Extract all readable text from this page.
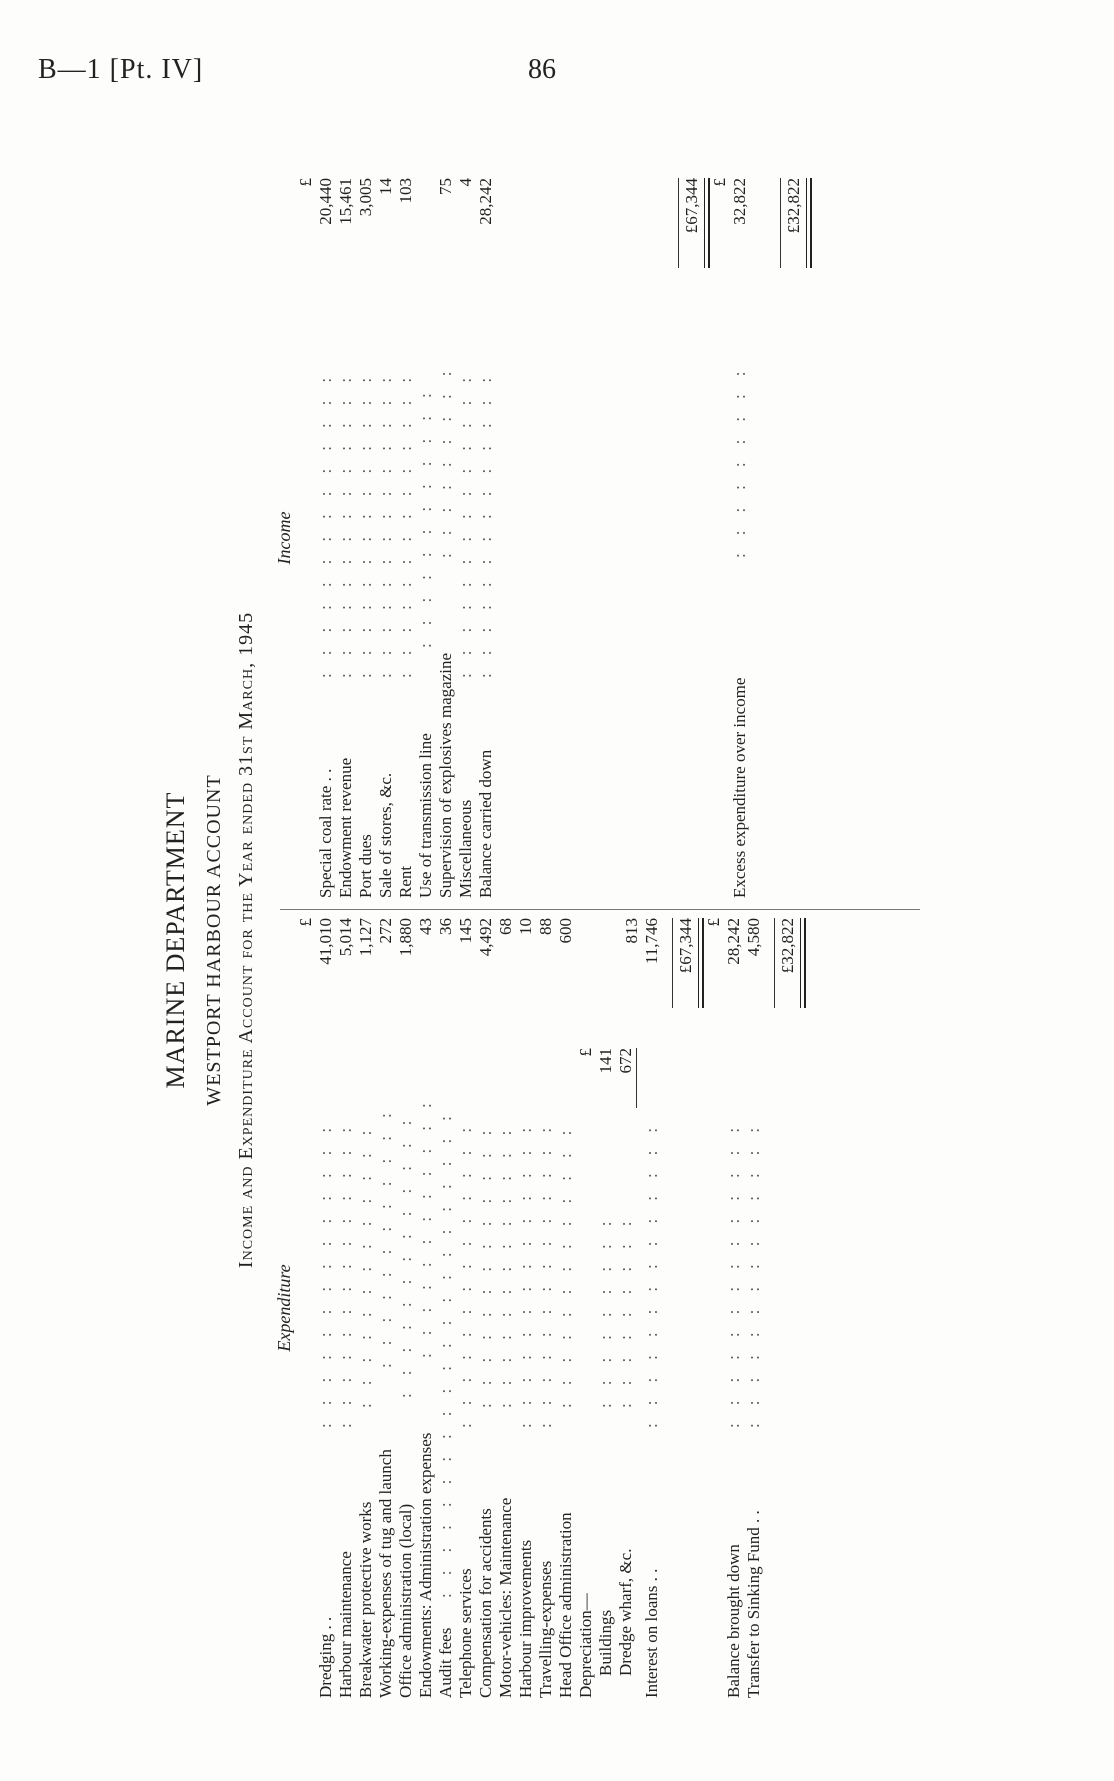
B—1 [Pt. IV]	86
MARINE DEPARTMENT WESTPORT HARBOUR ACCOUNT Income and Expenditure Account for the Year ended 31st March, 1945
Expenditure
£
Dredging . .
:​:​:​:​:​:​:​:​:​:​:​:​:​:
41,010
Harbour maintenance
:​:​:​:​:​:​:​:​:​:​:​:​:​:
5,014
Breakwater protective works
:​:​:​:​:​:​:​:​:​:​:​:​:
1,127
Working-expenses of tug and launch
:​:​:​:​:​:​:​:​:​:​:​:
272
Office administration (local)
:​:​:​:​:​:​:​:​:​:​:​:​:
1,880
Endowments: Administration expenses
:​:​:​:​:​:​:​:​:​:​:​:
43
Audit fees
:​:​:​:​:​:​:​:​:​:​:​:​:​:​:​:​:​:​:​:​:​:
36
Telephone services
:​:​:​:​:​:​:​:​:​:​:​:​:​:
145
Compensation for accidents
:​:​:​:​:​:​:​:​:​:​:​:​:
4,492
Motor-vehicles: Maintenance
:​:​:​:​:​:​:​:​:​:​:​:​:
68
Harbour improvements
:​:​:​:​:​:​:​:​:​:​:​:​:​:
10
Travelling-expenses
:​:​:​:​:​:​:​:​:​:​:​:​:​:
88
Head Office administration
:​:​:​:​:​:​:​:​:​:​:​:​:
600
Depreciation—
£
Buildings
:​:​:​:​:​:​:​:​:
141
Dredge wharf, &c.
:​:​:​:​:​:​:​:​:
672
813
Interest on loans . .
:​:​:​:​:​:​:​:​:​:​:​:​:​:
11,746 £67,344 £
Balance brought down
:​:​:​:​:​:​:​:​:​:​:​:​:​:
28,242
Transfer to Sinking Fund . .
:​:​:​:​:​:​:​:​:​:​:​:​:​:
4,580 £32,822
Income
£
Special coal rate . .
:​:​:​:​:​:​:​:​:​:​:​:​:​:
20,440
Endowment revenue
:​:​:​:​:​:​:​:​:​:​:​:​:​:
15,461
Port dues
:​:​:​:​:​:​:​:​:​:​:​:​:​:
3,005
Sale of stores, &c.
:​:​:​:​:​:​:​:​:​:​:​:​:​:
14
Rent
:​:​:​:​:​:​:​:​:​:​:​:​:​:
103
Use of transmission line
:​:​:​:​:​:​:​:​:​:​:​:
Supervision of explosives magazine
:​:​:​:​:​:​:​:​:
75
Miscellaneous
:​:​:​:​:​:​:​:​:​:​:​:​:​:
4
Balance carried down
:​:​:​:​:​:​:​:​:​:​:​:​:​:
28,242	£67,344 £
Excess expenditure over income
:​:​:​:​:​:​:​:​:
32,822 £32,822
